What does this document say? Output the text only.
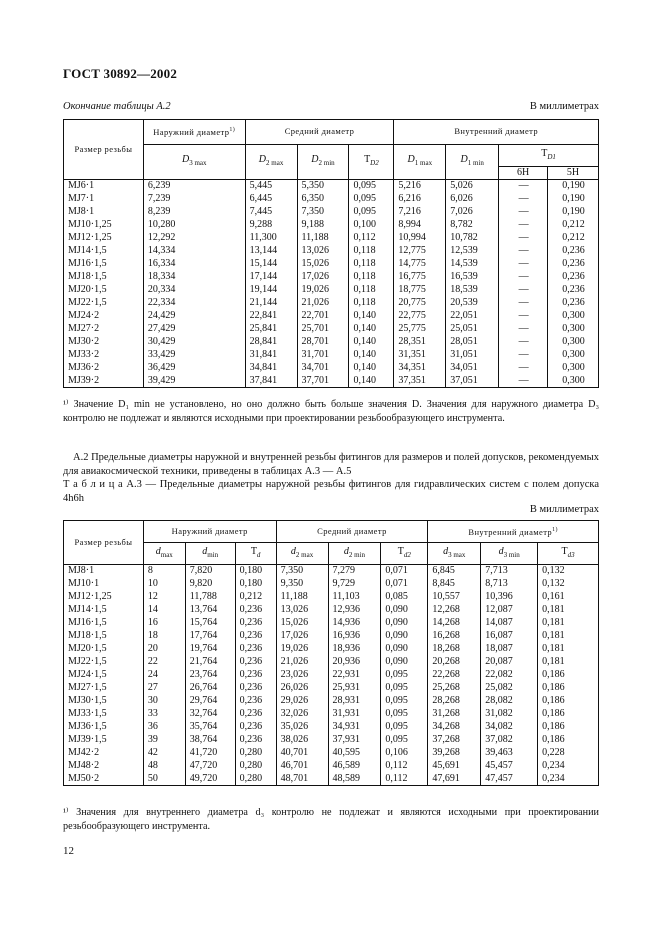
ГОСТ 30892—2002
Окончание таблицы А.2	В миллиметрах
Размер резьбы	Наружний диаметр$^{1)}$	Средний диаметр			Внутренний диаметр			
	$D_{3 max}$	$D_{2 max}$	$D_{2 min}$	$T_{D2}$	$D_{1 max}$	$D_{1 min}$	$T_{D1}$
							6H	5H
MJ6·1	6,239	5,445	5,350	0,095	5,216	5,026	—	0,190
MJ7·1	7,239	6,445	6,350	0,095	6,216	6,026	—	0,190
MJ8·1	8,239	7,445	7,350	0,095	7,216	7,026	—	0,190
MJ10·1,25	10,280	9,288	9,188	0,100	8,994	8,782	—	0,212
MJ12·1,25	12,292	11,300	11,188	0,112	10,994	10,782	—	0,212
MJ14·1,5	14,334	13,144	13,026	0,118	12,775	12,539	—	0,236
MJ16·1,5	16,334	15,144	15,026	0,118	14,775	14,539	—	0,236
MJ18·1,5	18,334	17,144	17,026	0,118	16,775	16,539	—	0,236
MJ20·1,5	20,334	19,144	19,026	0,118	18,775	18,539	—	0,236
MJ22·1,5	22,334	21,144	21,026	0,118	20,775	20,539	—	0,236
MJ24·2	24,429	22,841	22,701	0,140	22,775	22,051	—	0,300
MJ27·2	27,429	25,841	25,701	0,140	25,775	25,051	—	0,300
MJ30·2	30,429	28,841	28,701	0,140	28,351	28,051	—	0,300
MJ33·2	33,429	31,841	31,701	0,140	31,351	31,051	—	0,300
MJ36·2	36,429	34,841	34,701	0,140	34,351	34,051	—	0,300
MJ39·2	39,429	37,841	37,701	0,140	37,351	37,051	—	0,300
¹⁾ Значение D₁ min не установлено, но оно должно быть больше значения D. Значения для наружного диаметра D₃ контролю не подлежат и являются исходными при проектировании резьбообразующего инструмента.

А.2 Предельные диаметры наружной и внутренней резьбы фитингов для размеров и полей допусков, рекомендуемых для авиакосмической техники, приведены в таблицах А.3 — А.5

Т а б л и ц а А.3 — Предельные диаметры наружной резьбы фитингов для гидравлических систем с полем допуска 4h6h
В миллиметрах
Размер резьбы	Наружний диаметр			Средний диаметр			Внутренний диаметр$^{1)}$
	$d_{max}$	$d_{min}$	$T_d$	$d_{2 max}$	$d_{2 min}$	$T_{d2}$	$d_{3 max}$	$d_{3 min}$	$T_{d3}$
MJ8·1	8	7,820	0,180	7,350	7,279	0,071	6,845	7,713	0,132
MJ10·1	10	9,820	0,180	9,350	9,729	0,071	8,845	8,713	0,132
MJ12·1,25	12	11,788	0,212	11,188	11,103	0,085	10,557	10,396	0,161
MJ14·1,5	14	13,764	0,236	13,026	12,936	0,090	12,268	12,087	0,181
MJ16·1,5	16	15,764	0,236	15,026	14,936	0,090	14,268	14,087	0,181
MJ18·1,5	18	17,764	0,236	17,026	16,936	0,090	16,268	16,087	0,181
MJ20·1,5	20	19,764	0,236	19,026	18,936	0,090	18,268	18,087	0,181
MJ22·1,5	22	21,764	0,236	21,026	20,936	0,090	20,268	20,087	0,181
MJ24·1,5	24	23,764	0,236	23,026	22,931	0,095	22,268	22,082	0,186
MJ27·1,5	27	26,764	0,236	26,026	25,931	0,095	25,268	25,082	0,186
MJ30·1,5	30	29,764	0,236	29,026	28,931	0,095	28,268	28,082	0,186
MJ33·1,5	33	32,764	0,236	32,026	31,931	0,095	31,268	31,082	0,186
MJ36·1,5	36	35,764	0,236	35,026	34,931	0,095	34,268	34,082	0,186
MJ39·1,5	39	38,764	0,236	38,026	37,931	0,095	37,268	37,082	0,186
MJ42·2	42	41,720	0,280	40,701	40,595	0,106	39,268	39,463	0,228
MJ48·2	48	47,720	0,280	46,701	46,589	0,112	45,691	45,457	0,234
MJ50·2	50	49,720	0,280	48,701	48,589	0,112	47,691	47,457	0,234
¹⁾ Значения для внутреннего диаметра d₃ контролю не подлежат и являются исходными при проектировании резьбообразующего инструмента.
12
